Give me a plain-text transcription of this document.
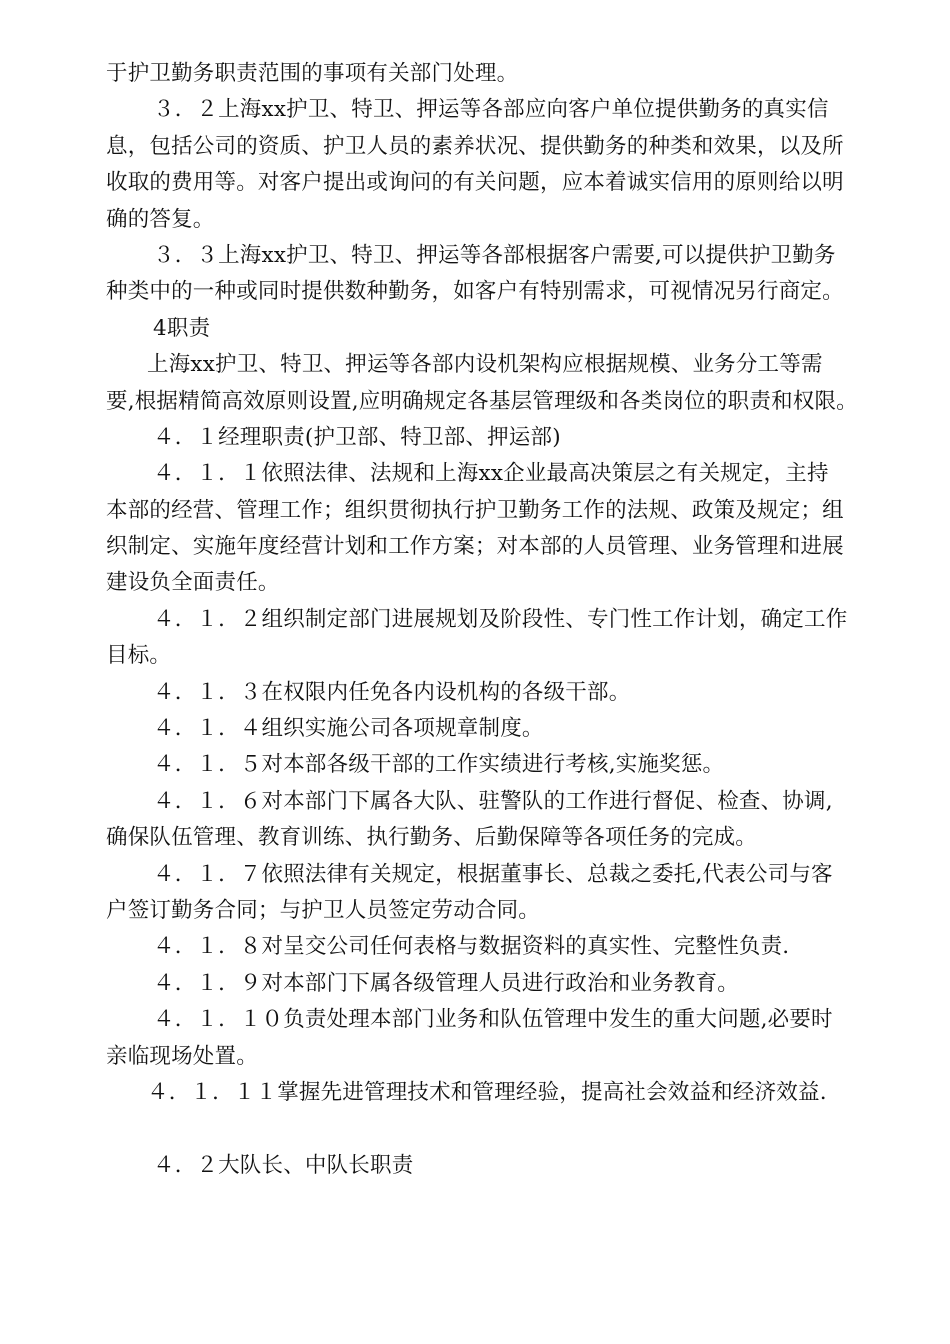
于护卫勤务职责范围的事项有关部门处理。
３．２上海xx护卫、特卫、押运等各部应向客户单位提供勤务的真实信
息，包括公司的资质、护卫人员的素养状况、提供勤务的种类和效果，以及所
收取的费用等。对客户提出或询问的有关问题，应本着诚实信用的原则给以明
确的答复。
３．３上海xx护卫、特卫、押运等各部根据客户需要,可以提供护卫勤务
种类中的一种或同时提供数种勤务，如客户有特别需求，可视情况另行商定。
4职责
上海xx护卫、特卫、押运等各部内设机架构应根据规模、业务分工等需
要,根据精简高效原则设置,应明确规定各基层管理级和各类岗位的职责和权限。
４．１经理职责(护卫部、特卫部、押运部)
４．１．１依照法律、法规和上海xx企业最高决策层之有关规定，主持
本部的经营、管理工作；组织贯彻执行护卫勤务工作的法规、政策及规定；组
织制定、实施年度经营计划和工作方案；对本部的人员管理、业务管理和进展
建设负全面责任。
４．１．２组织制定部门进展规划及阶段性、专门性工作计划，确定工作
目标。
４．１．３在权限内任免各内设机构的各级干部。
４．１．４组织实施公司各项规章制度。
４．１．５对本部各级干部的工作实绩进行考核,实施奖惩。
４．１．６对本部门下属各大队、驻警队的工作进行督促、检查、协调,
确保队伍管理、教育训练、执行勤务、后勤保障等各项任务的完成。
４．１．７依照法律有关规定，根据董事长、总裁之委托,代表公司与客
户签订勤务合同；与护卫人员签定劳动合同。
４．１．８对呈交公司任何表格与数据资料的真实性、完整性负责.
４．１．９对本部门下属各级管理人员进行政治和业务教育。
４．１．１０负责处理本部门业务和队伍管理中发生的重大问题,必要时
亲临现场处置。
４．１．１１掌握先进管理技术和管理经验，提高社会效益和经济效益.
４．２大队长、中队长职责
